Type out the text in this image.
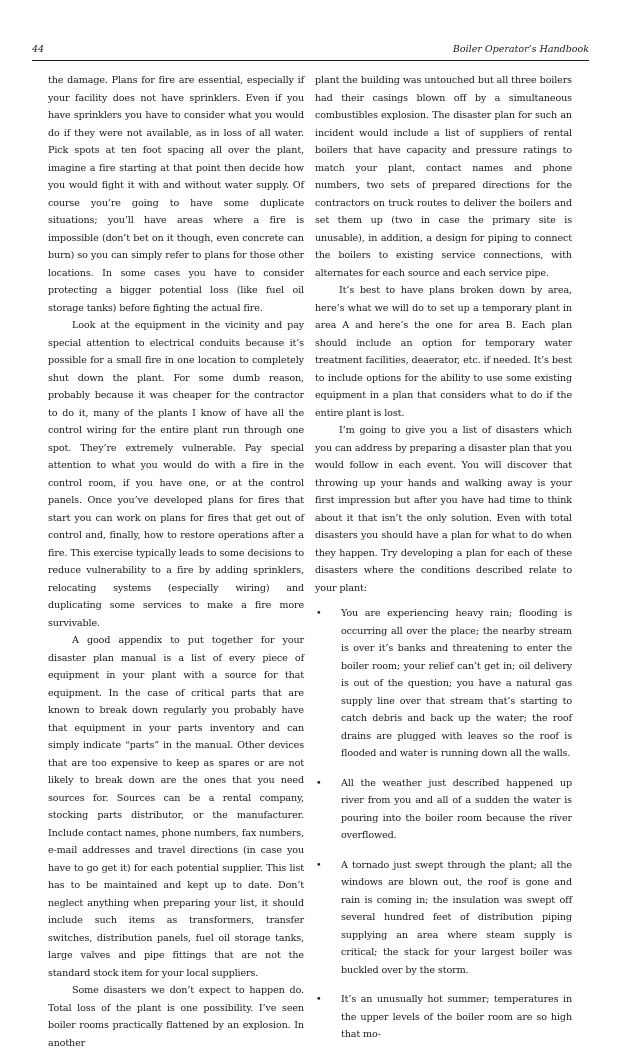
44	Boiler Operator’s Handbook

the damage. Plans for fire are essential, especially if your facility does not have sprinklers. Even if you have sprinklers you have to consider what you would do if they were not available, as in loss of all water. Pick spots at ten foot spacing all over the plant, imagine a fire starting at that point then decide how you would fight it with and without water supply. Of course you’re going to have some duplicate situations; you’ll have areas where a fire is impossible (don’t bet on it though, even concrete can burn) so you can simply refer to plans for those other locations. In some cases you have to consider protecting a bigger potential loss (like fuel oil storage tanks) before fighting the actual fire.

Look at the equipment in the vicinity and pay special attention to electrical conduits because it’s possible for a small fire in one location to completely shut down the plant. For some dumb reason, probably because it was cheaper for the contractor to do it, many of the plants I know of have all the control wiring for the entire plant run through one spot. They’re extremely vulnerable. Pay special attention to what you would do with a fire in the control room, if you have one, or at the control panels. Once you’ve developed plans for fires that start you can work on plans for fires that get out of control and, finally, how to restore operations after a fire. This exercise typically leads to some decisions to reduce vulnerability to a fire by adding sprinklers, relocating systems (especially wiring) and duplicating some services to make a fire more survivable.

A good appendix to put together for your disaster plan manual is a list of every piece of equipment in your plant with a source for that equipment. In the case of critical parts that are known to break down regularly you probably have that equipment in your parts inventory and can simply indicate “parts” in the manual. Other devices that are too expensive to keep as spares or are not likely to break down are the ones that you need sources for. Sources can be a rental company, stocking parts distributor, or the manufacturer. Include contact names, phone numbers, fax numbers, e-mail addresses and travel directions (in case you have to go get it) for each potential supplier. This list has to be maintained and kept up to date. Don’t neglect anything when preparing your list, it should include such items as transformers, transfer switches, distribution panels, fuel oil storage tanks, large valves and pipe fittings that are not the standard stock item for your local suppliers.

Some disasters we don’t expect to happen do. Total loss of the plant is one possibility. I’ve seen boiler rooms practically flattened by an explosion. In another

plant the building was untouched but all three boilers had their casings blown off by a simultaneous combustibles explosion. The disaster plan for such an incident would include a list of suppliers of rental boilers that have capacity and pressure ratings to match your plant, contact names and phone numbers, two sets of prepared directions for the contractors on truck routes to deliver the boilers and set them up (two in case the primary site is unusable), in addition, a design for piping to connect the boilers to existing service connections, with alternates for each source and each service pipe.

It’s best to have plans broken down by area, here’s what we will do to set up a temporary plant in area A and here’s the one for area B. Each plan should include an option for temporary water treatment facilities, deaerator, etc. if needed. It’s best to include options for the ability to use some existing equipment in a plan that considers what to do if the entire plant is lost.

I’m going to give you a list of disasters which you can address by preparing a disaster plan that you would follow in each event. You will discover that throwing up your hands and walking away is your first impression but after you have had time to think about it that isn’t the only solution. Even with total disasters you should have a plan for what to do when they happen. Try developing a plan for each of these disasters where the conditions described relate to your plant:

• You are experiencing heavy rain; flooding is occurring all over the place; the nearby stream is over it’s banks and threatening to enter the boiler room; your relief can’t get in; oil delivery is out of the question; you have a natural gas supply line over that stream that’s starting to catch debris and back up the water; the roof drains are plugged with leaves so the roof is flooded and water is running down all the walls.
• All the weather just described happened up river from you and all of a sudden the water is pouring into the boiler room because the river overflowed.
• A tornado just swept through the plant; all the windows are blown out, the roof is gone and rain is coming in; the insulation was swept off several hundred feet of distribution piping supplying an area where steam supply is critical; the stack for your largest boiler was buckled over by the storm.
• It’s an unusually hot summer; temperatures in the upper levels of the boiler room are so high that mo-
